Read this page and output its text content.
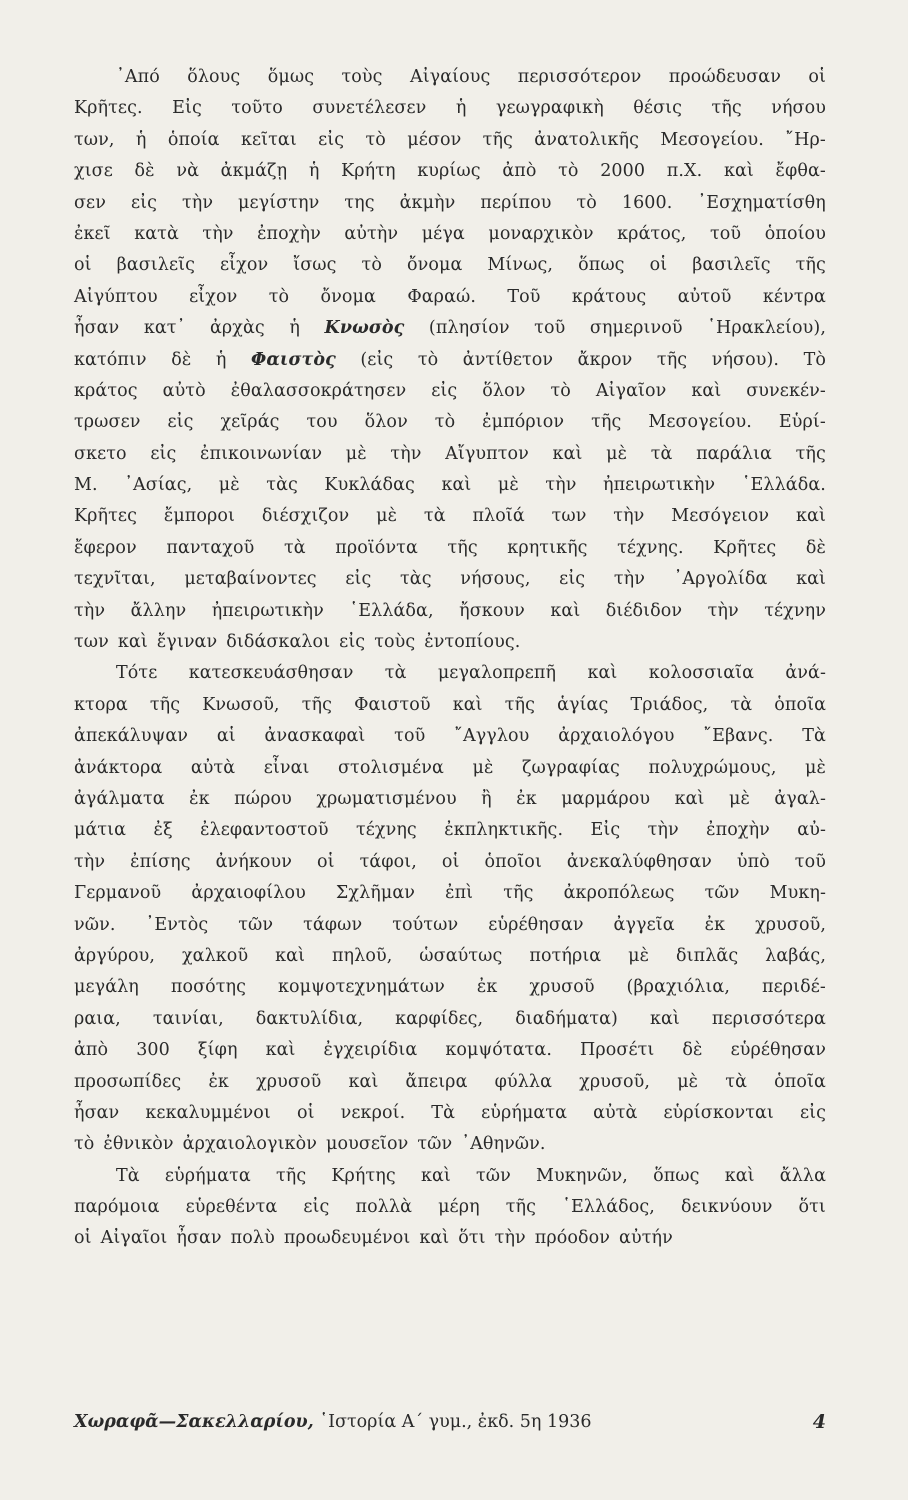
᾿Από ὅλους ὅμως τοὺς Αἰγαίους περισσότερον προώδευσαν οἱ
Κρῆτες. Εἰς τοῦτο συνετέλεσεν ἡ γεωγραφικὴ θέσις τῆς νήσου
των, ἡ ὁποία κεῖται εἰς τὸ μέσον τῆς ἀνατολικῆς Μεσογείου. ῎Ηρ-
χισε δὲ νὰ ἀκμάζῃ ἡ Κρήτη κυρίως ἀπὸ τὸ 2000 π.Χ. καὶ ἔφθα-
σεν εἰς τὴν μεγίστην της ἀκμὴν περίπου τὸ 1600. ᾿Εσχηματίσθη
ἐκεῖ κατὰ τὴν ἐποχὴν αὐτὴν μέγα μοναρχικὸν κράτος, τοῦ ὁποίου
οἱ βασιλεῖς εἶχον ἴσως τὸ ὄνομα Μίνως, ὅπως οἱ βασιλεῖς τῆς
Αἰγύπτου εἶχον τὸ ὄνομα Φαραώ. Τοῦ κράτους αὐτοῦ κέντρα
ἦσαν κατ᾿ ἀρχὰς ἡ Κνωσὸς (πλησίον τοῦ σημερινοῦ ῾Ηρακλείου),
κατόπιν δὲ ἡ Φαιστὸς (εἰς τὸ ἀντίθετον ἄκρον τῆς νήσου). Τὸ
κράτος αὐτὸ ἐθαλασσοκράτησεν εἰς ὅλον τὸ Αἰγαῖον καὶ συνεκέν-
τρωσεν εἰς χεῖράς του ὅλον τὸ ἐμπόριον τῆς Μεσογείου. Εὑρί-
σκετο εἰς ἐπικοινωνίαν μὲ τὴν Αἴγυπτον καὶ μὲ τὰ παράλια τῆς
Μ. ᾿Ασίας, μὲ τὰς Κυκλάδας καὶ μὲ τὴν ἠπειρωτικὴν ῾Ελλάδα.
Κρῆτες ἔμποροι διέσχιζον μὲ τὰ πλοῖά των τὴν Μεσόγειον καὶ
ἔφερον πανταχοῦ τὰ προϊόντα τῆς κρητικῆς τέχνης. Κρῆτες δὲ
τεχνῖται, μεταβαίνοντες εἰς τὰς νήσους, εἰς τὴν ᾿Αργολίδα καὶ
τὴν ἄλλην ἠπειρωτικὴν ῾Ελλάδα, ἤσκουν καὶ διέδιδον τὴν τέχνην
των καὶ ἔγιναν διδάσκαλοι εἰς τοὺς ἐντοπίους.
Τότε κατεσκευάσθησαν τὰ μεγαλοπρεπῆ καὶ κολοσσιαῖα ἀνά-
κτορα τῆς Κνωσοῦ, τῆς Φαιστοῦ καὶ τῆς ἁγίας Τριάδος, τὰ ὁποῖα
ἀπεκάλυψαν αἱ ἀνασκαφαὶ τοῦ ῎Αγγλου ἀρχαιολόγου ῎Εβανς. Τὰ
ἀνάκτορα αὐτὰ εἶναι στολισμένα μὲ ζωγραφίας πολυχρώμους, μὲ
ἀγάλματα ἐκ πώρου χρωματισμένου ἢ ἐκ μαρμάρου καὶ μὲ ἀγαλ-
μάτια ἐξ ἐλεφαντοστοῦ τέχνης ἐκπληκτικῆς. Εἰς τὴν ἐποχὴν αὐ-
τὴν ἐπίσης ἀνήκουν οἱ τάφοι, οἱ ὁποῖοι ἀνεκαλύφθησαν ὑπὸ τοῦ
Γερμανοῦ ἀρχαιοφίλου Σχλῆμαν ἐπὶ τῆς ἀκροπόλεως τῶν Μυκη-
νῶν. ᾿Εντὸς τῶν τάφων τούτων εὑρέθησαν ἀγγεῖα ἐκ χρυσοῦ,
ἀργύρου, χαλκοῦ καὶ πηλοῦ, ὡσαύτως ποτήρια μὲ διπλᾶς λαβάς,
μεγάλη ποσότης κομψοτεχνημάτων ἐκ χρυσοῦ (βραχιόλια, περιδέ-
ραια, ταινίαι, δακτυλίδια, καρφίδες, διαδήματα) καὶ περισσότερα
ἀπὸ 300 ξίφη καὶ ἐγχειρίδια κομψότατα. Προσέτι δὲ εὑρέθησαν
προσωπίδες ἐκ χρυσοῦ καὶ ἄπειρα φύλλα χρυσοῦ, μὲ τὰ ὁποῖα
ἦσαν κεκαλυμμένοι οἱ νεκροί. Τὰ εὑρήματα αὐτὰ εὑρίσκονται εἰς
τὸ ἐθνικὸν ἀρχαιολογικὸν μουσεῖον τῶν ᾿Αθηνῶν.
Τὰ εὑρήματα τῆς Κρήτης καὶ τῶν Μυκηνῶν, ὅπως καὶ ἄλλα
παρόμοια εὑρεθέντα εἰς πολλὰ μέρη τῆς ῾Ελλάδος, δεικνύουν ὅτι
οἱ Αἰγαῖοι ἦσαν πολὺ προωδευμένοι καὶ ὅτι τὴν πρόοδον αὐτήν
Χωραφᾶ—Σακελλαρίου, ῾Ιστορία Α΄ γυμ., ἐκδ. 5η 1936	4
